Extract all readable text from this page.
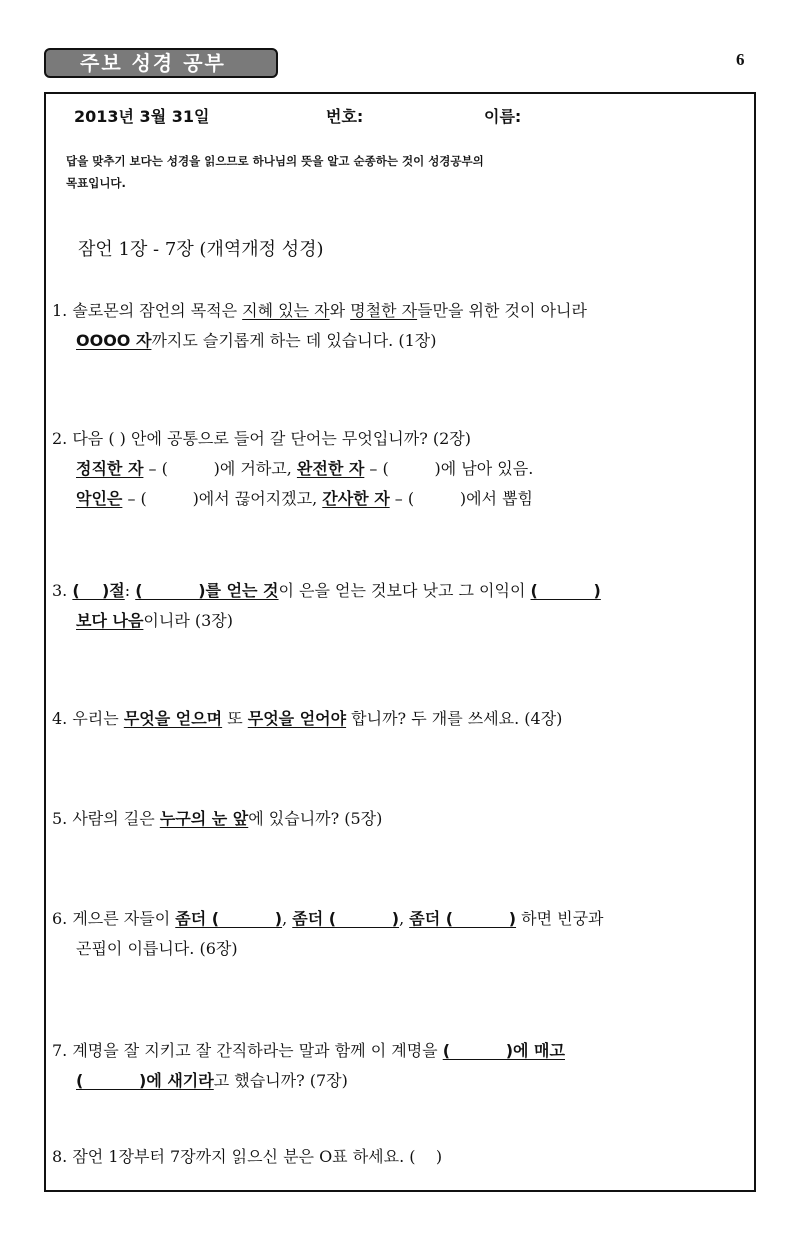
주보 성경 공부	6
2013년 3월 31일	번호:	이름:
답을 맞추기 보다는 성경을 읽으므로 하나님의 뜻을 알고 순종하는 것이 성경공부의
목표입니다.
잠언 1장 - 7장 (개역개정 성경)
1. 솔로몬의 잠언의 목적은 지혜 있는 자와 명철한 자들만을 위한 것이 아니라
OOOO 자까지도 슬기롭게 하는 데 있습니다. (1장)
2. 다음 ( ) 안에 공통으로 들어 갈 단어는 무엇입니까? (2장)
정직한 자 – (         )에 거하고, 완전한 자 – (         )에 남아 있음.
악인은 – (         )에서 끊어지겠고, 간사한 자 – (         )에서 뽑힘
3. (    )절: (          )를 얻는 것이 은을 얻는 것보다 낫고 그 이익이 (          )
보다 나음이니라 (3장)
4. 우리는 무엇을 얻으며 또 무엇을 얻어야 합니까? 두 개를 쓰세요. (4장)
5. 사람의 길은 누구의 눈 앞에 있습니까? (5장)
6. 게으른 자들이 좀더 (          ), 좀더 (          ), 좀더 (          ) 하면 빈궁과
곤핍이 이릅니다. (6장)
7. 계명을 잘 지키고 잘 간직하라는 말과 함께 이 계명을 (          )에 매고
(          )에 새기라고 했습니까? (7장)
8. 잠언 1장부터 7장까지 읽으신 분은 O표 하세요. (    )
